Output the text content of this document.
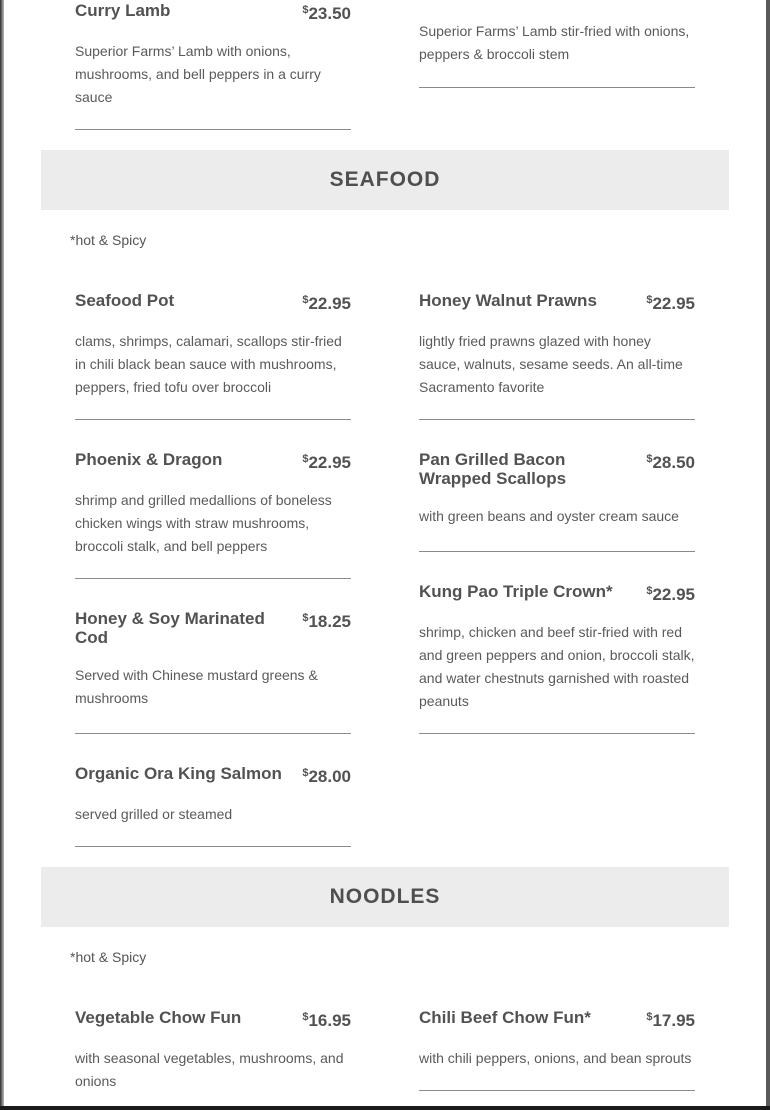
Curry Lamb	$23.50
Superior Farms’ Lamb with onions, mushrooms, and bell peppers in a curry sauce
Superior Farms’ Lamb stir-fried with onions, peppers & broccoli stem
SEAFOOD
*hot & Spicy
Seafood Pot	$22.95
clams, shrimps, calamari, scallops stir-fried in chili black bean sauce with mushrooms, peppers, fried tofu over broccoli
Phoenix & Dragon	$22.95
shrimp and grilled medallions of boneless chicken wings with straw mushrooms, broccoli stalk, and bell peppers
Honey & Soy Marinated Cod
$18.25
Served with Chinese mustard greens & mushrooms
Organic Ora King Salmon $28.00
served grilled or steamed
Honey Walnut Prawns	$22.95
lightly fried prawns glazed with honey sauce, walnuts, sesame seeds. An all-time Sacramento favorite
Pan Grilled Bacon Wrapped Scallops
$28.50
with green beans and oyster cream sauce
Kung Pao Triple Crown*	$22.95
shrimp, chicken and beef stir-fried with red and green peppers and onion, broccoli stalk, and water chestnuts garnished with roasted peanuts
NOODLES
*hot & Spicy
Vegetable Chow Fun	$16.95
with seasonal vegetables, mushrooms, and onions
Chili Beef Chow Fun*	$17.95
with chili peppers, onions, and bean sprouts
